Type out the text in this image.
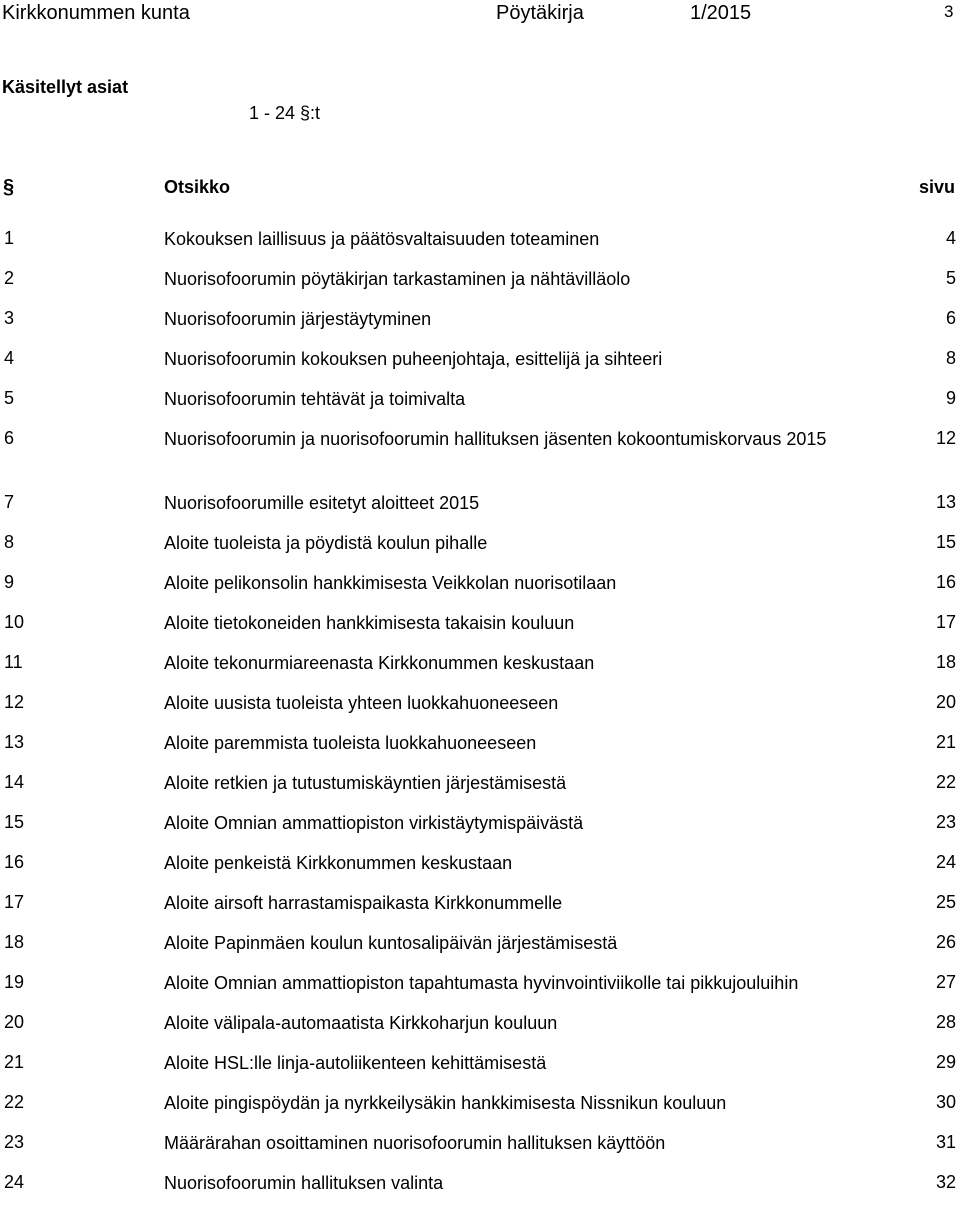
Kirkkonummen kunta	Pöytäkirja	1/2015	3
Käsitellyt asiat
1 - 24 §:t
§	Otsikko	sivu
1	Kokouksen laillisuus ja päätösvaltaisuuden toteaminen	4
2	Nuorisofoorumin pöytäkirjan tarkastaminen ja nähtävilläolo	5
3	Nuorisofoorumin järjestäytyminen	6
4	Nuorisofoorumin kokouksen puheenjohtaja, esittelijä ja sihteeri	8
5	Nuorisofoorumin tehtävät ja toimivalta	9
6	Nuorisofoorumin ja nuorisofoorumin hallituksen jäsenten kokoontumiskorvaus 2015	12
7	Nuorisofoorumille esitetyt aloitteet 2015	13
8	Aloite tuoleista ja pöydistä koulun pihalle	15
9	Aloite pelikonsolin hankkimisesta Veikkolan nuorisotilaan	16
10	Aloite tietokoneiden hankkimisesta takaisin kouluun	17
11	Aloite tekonurmiareenasta Kirkkonummen keskustaan	18
12	Aloite uusista tuoleista yhteen luokkahuoneeseen	20
13	Aloite paremmista tuoleista luokkahuoneeseen	21
14	Aloite retkien ja tutustumiskäyntien järjestämisestä	22
15	Aloite Omnian ammattiopiston virkistäytymispäivästä	23
16	Aloite penkeistä Kirkkonummen keskustaan	24
17	Aloite airsoft harrastamispaikasta Kirkkonummelle	25
18	Aloite Papinmäen koulun kuntosalipäivän järjestämisestä	26
19	Aloite Omnian ammattiopiston tapahtumasta hyvinvointiviikolle tai pikkujouluihin	27
20	Aloite välipala-automaatista Kirkkoharjun kouluun	28
21	Aloite HSL:lle linja-autoliikenteen kehittämisestä	29
22	Aloite pingispöydän ja nyrkkeilysäkin hankkimisesta Nissnikun kouluun	30
23	Määrärahan osoittaminen nuorisofoorumin hallituksen käyttöön	31
24	Nuorisofoorumin hallituksen valinta	32
